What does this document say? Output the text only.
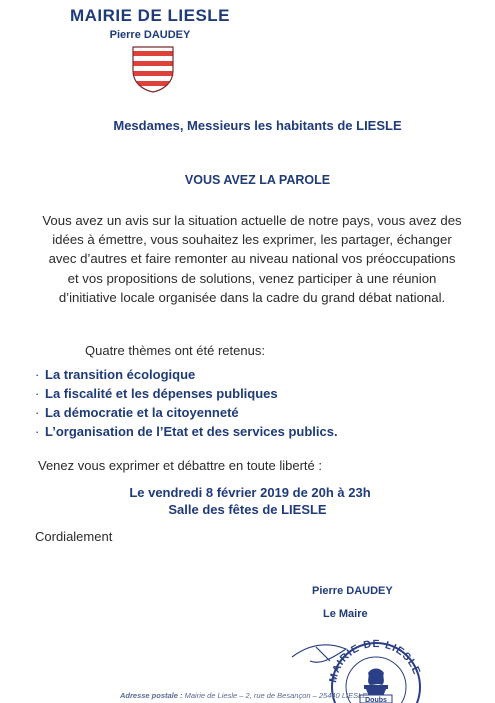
MAIRIE DE LIESLE
Pierre DAUDEY
Mesdames, Messieurs les habitants de LIESLE
VOUS AVEZ LA PAROLE
Vous avez un avis sur la situation actuelle de notre pays, vous avez des idées à émettre, vous souhaitez les exprimer, les partager, échanger avec d’autres et faire remonter au niveau national vos préoccupations et vos propositions de solutions, venez participer à une réunion d’initiative locale organisée dans la cadre du grand débat national.
Quatre thèmes ont été retenus:
· La transition écologique
· La fiscalité et les dépenses publiques
· La démocratie et la citoyenneté
· L’organisation de l’Etat et des services publics.
Venez vous exprimer et débattre en toute liberté :
Le vendredi 8 février 2019 de 20h à 23h
Salle des fêtes de LIESLE
Cordialement
Pierre DAUDEY
Le Maire
MAIRIE DE LIESLE
Doubs
Adresse postale : Mairie de Liesle – 2, rue de Besançon – 25440 LIESLE
